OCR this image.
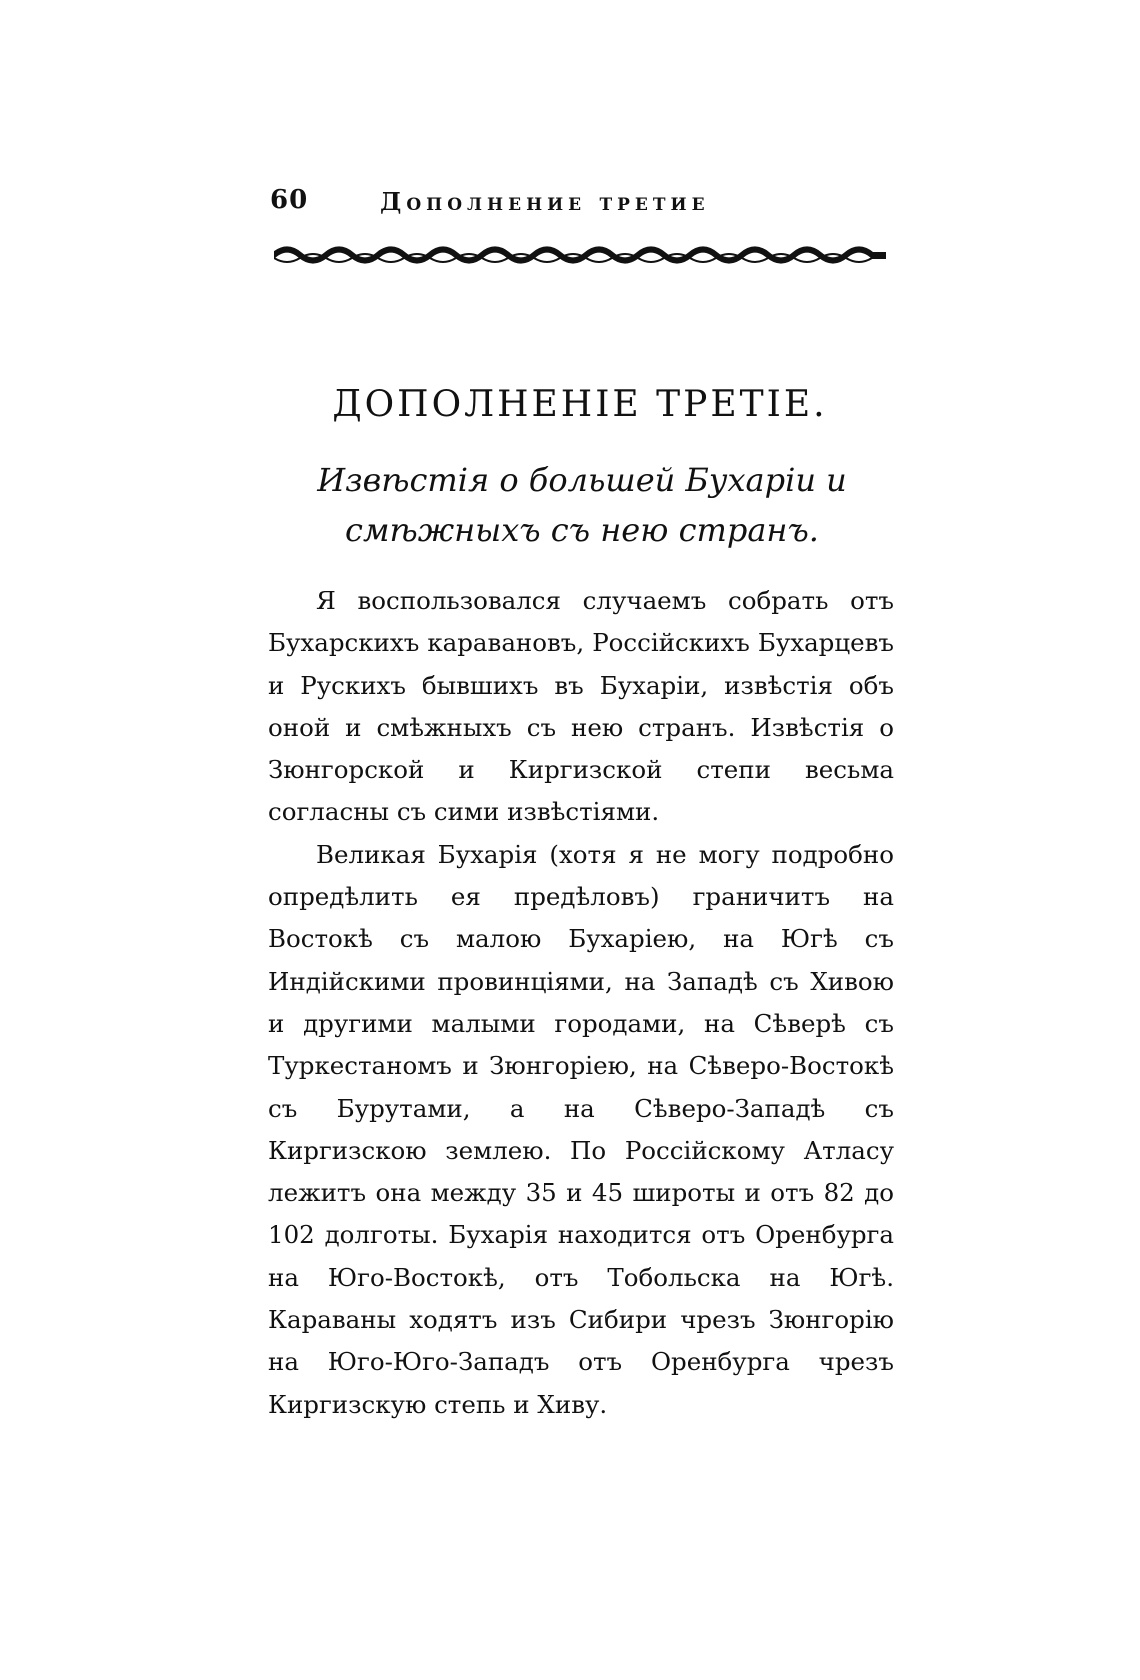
60	Дополнение третие
ДОПОЛНЕНІЕ ТРЕТІЕ.
Извѣстія о большей Бухаріи и смѣжныхъ съ нею странъ.

Я воспользовался случаемъ собрать отъ Бухарскихъ каравановъ, Россійскихъ Бухарцевъ и Рускихъ бывшихъ въ Бухаріи, извѣстія объ оной и смѣжныхъ съ нею странъ. Извѣстія о Зюнгорской и Киргизской степи весьма согласны съ сими извѣстіями.

Великая Бухарія (хотя я не могу подробно опредѣлить ея предѣловъ) граничитъ на Востокѣ съ малою Бухаріею, на Югѣ съ Индійскими провинціями, на Западѣ съ Хивою и другими малыми городами, на Сѣверѣ съ Туркестаномъ и Зюнгоріею, на Сѣверо-Востокѣ съ Бурутами, а на Сѣверо-Западѣ съ Киргизскою землею. По Россійскому Атласу лежитъ она между 35 и 45 широты и отъ 82 до 102 долготы. Бухарія находится отъ Оренбурга на Юго-Востокѣ, отъ Тобольска на Югѣ. Караваны ходятъ изъ Сибири чрезъ Зюнгорію на Юго-Юго-Западъ отъ Оренбурга чрезъ Киргизскую степь и Хиву.
